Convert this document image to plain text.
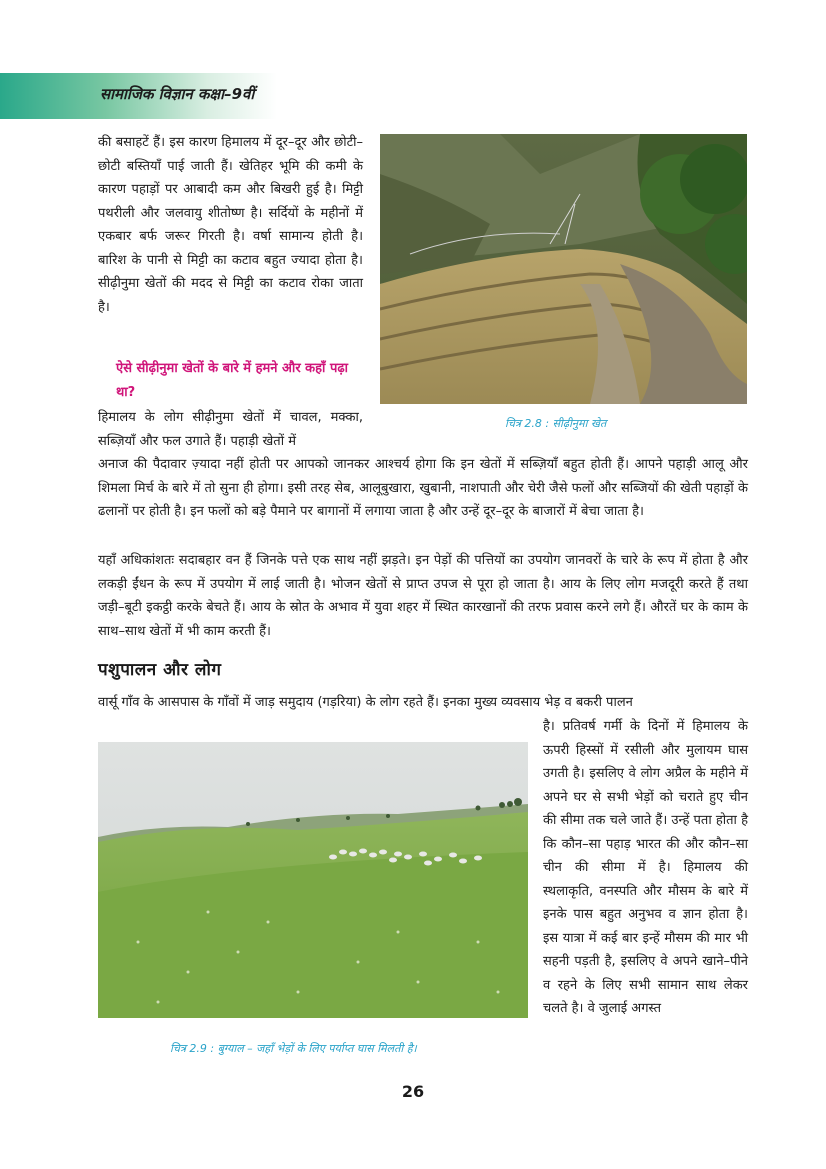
सामाजिक विज्ञान कक्षा–9वीं

की बसाहटें हैं। इस कारण हिमालय में दूर–दूर और छोटी–छोटी बस्तियाँ पाई जाती हैं। खेतिहर भूमि की कमी के कारण पहाड़ों पर आबादी कम और बिखरी हुई है। मिट्टी पथरीली और जलवायु शीतोष्ण है। सर्दियों के महीनों में एकबार बर्फ जरूर गिरती है। वर्षा सामान्य होती है। बारिश के पानी से मिट्टी का कटाव बहुत ज्यादा होता है। सीढ़ीनुमा खेतों की मदद से मिट्टी का कटाव रोका जाता है।

ऐसे सीढ़ीनुमा खेतों के बारे में हमने और कहाँ पढ़ा था?

हिमालय के लोग सीढ़ीनुमा खेतों में चावल, मक्का, सब्ज़ियाँ और फल उगाते हैं। पहाड़ी खेतों में

चित्र 2.8 : सीढ़ीनुमा खेत

अनाज की पैदावार ज़्यादा नहीं होती पर आपको जानकर आश्चर्य होगा कि इन खेतों में सब्ज़ियाँ बहुत होती हैं। आपने पहाड़ी आलू और शिमला मिर्च के बारे में तो सुना ही होगा। इसी तरह सेब, आलूबुखारा, खुबानी, नाशपाती और चेरी जैसे फलों और सब्जियों की खेती पहाड़ों के ढलानों पर होती है। इन फलों को बड़े पैमाने पर बागानों में लगाया जाता है और उन्हें दूर–दूर के बाजारों में बेचा जाता है।

यहाँ अधिकांशतः सदाबहार वन हैं जिनके पत्ते एक साथ नहीं झड़ते। इन पेड़ों की पत्तियों का उपयोग जानवरों के चारे के रूप में होता है और लकड़ी ईंधन के रूप में उपयोग में लाई जाती है। भोजन खेतों से प्राप्त उपज से पूरा हो जाता है। आय के लिए लोग मजदूरी करते हैं तथा जड़ी–बूटी इकट्ठी करके बेचते हैं। आय के स्रोत के अभाव में युवा शहर में स्थित कारखानों की तरफ प्रवास करने लगे हैं। औरतें घर के काम के साथ–साथ खेतों में भी काम करती हैं।

पशुपालन और लोग

वार्सू गाँव के आसपास के गाँवों में जाड़ समुदाय (गड़रिया) के लोग रहते हैं। इनका मुख्य व्यवसाय भेड़ व बकरी पालन

है। प्रतिवर्ष गर्मी के दिनों में हिमालय के ऊपरी हिस्सों में रसीली और मुलायम घास उगती है। इसलिए वे लोग अप्रैल के महीने में अपने घर से सभी भेड़ों को चराते हुए चीन की सीमा तक चले जाते हैं। उन्हें पता होता है कि कौन–सा पहाड़ भारत की और कौन–सा चीन की सीमा में है। हिमालय की स्थलाकृति, वनस्पति और मौसम के बारे में इनके पास बहुत अनुभव व ज्ञान होता है। इस यात्रा में कई बार इन्हें मौसम की मार भी सहनी पड़ती है, इसलिए वे अपने खाने–पीने व रहने के लिए सभी सामान साथ लेकर चलते है। वे जुलाई अगस्त

चित्र 2.9 : बुग्याल – जहाँ भेड़ों के लिए पर्याप्त घास मिलती है।
26
